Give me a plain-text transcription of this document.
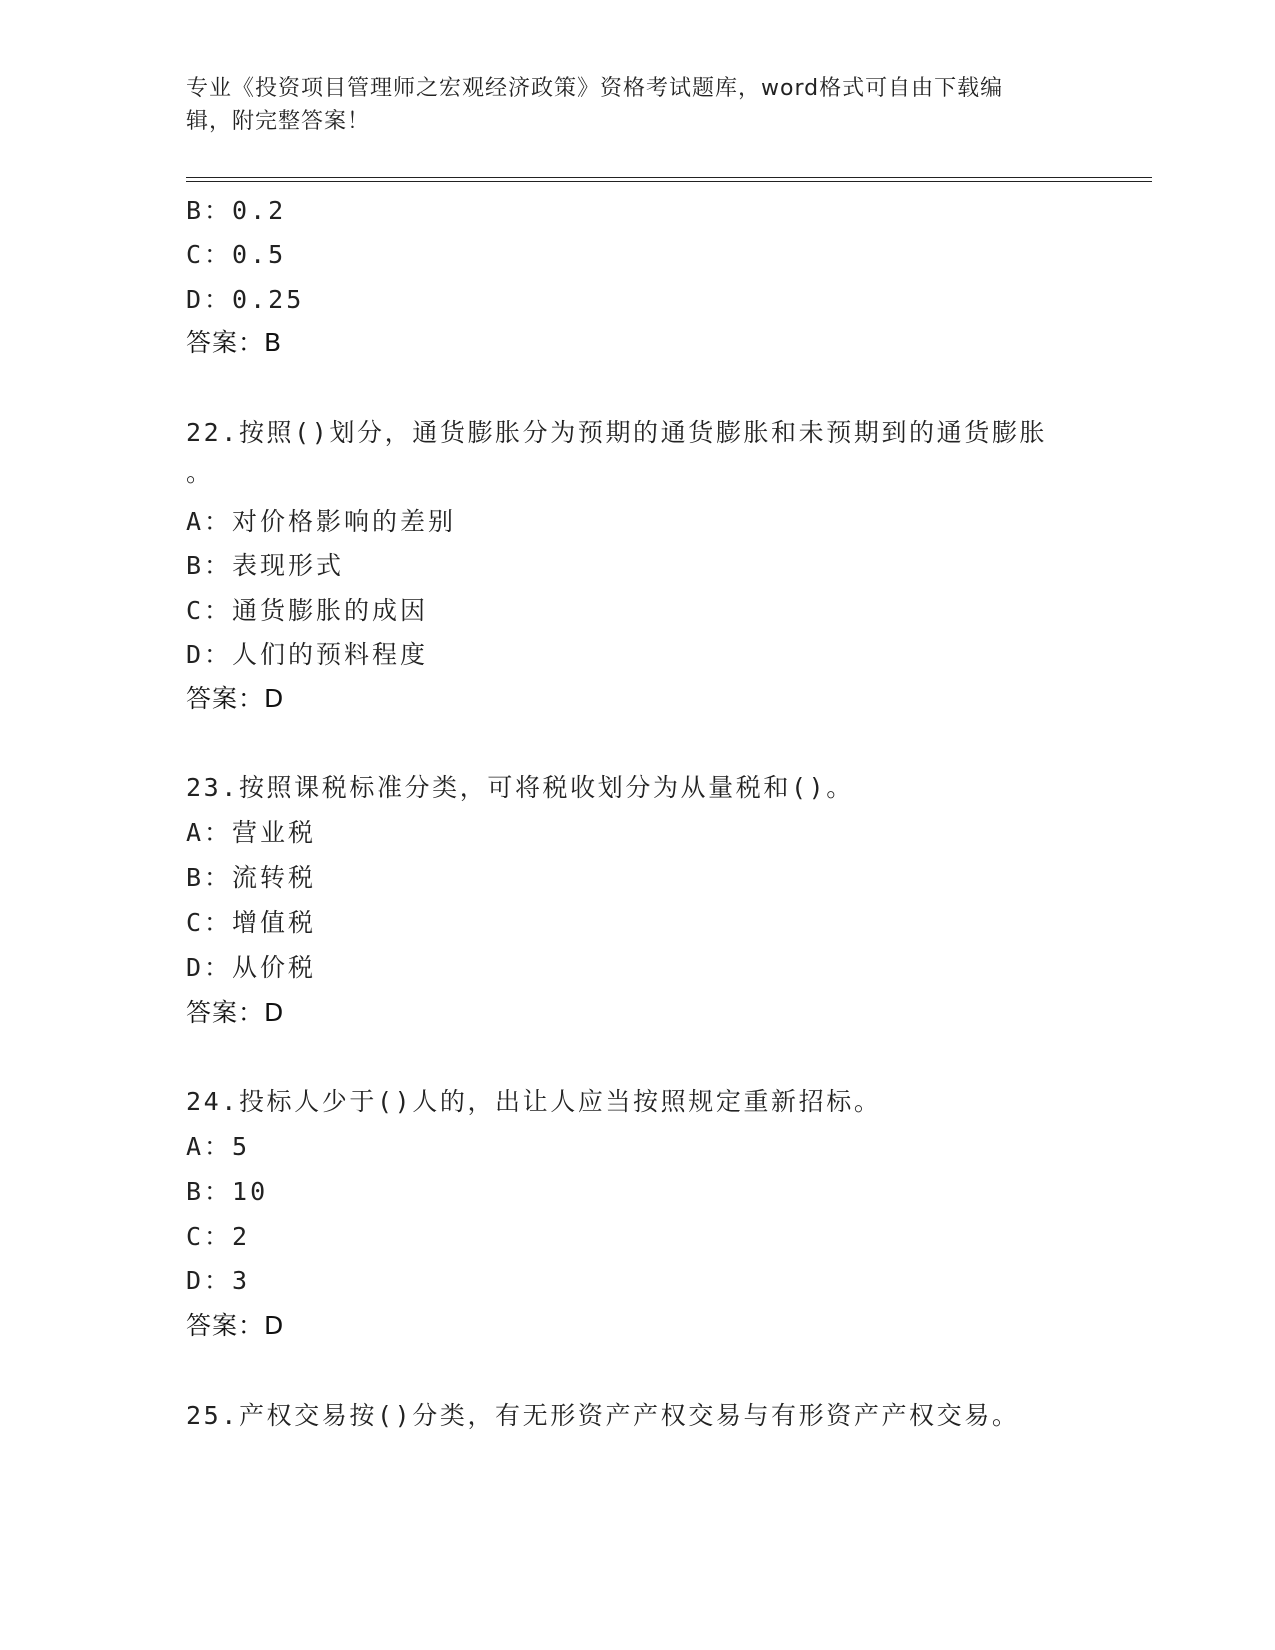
专业《投资项目管理师之宏观经济政策》资格考试题库，word格式可自由下载编
辑，附完整答案！
B：0.2
C：0.5
D：0.25
答案：B
22.按照()划分，通货膨胀分为预期的通货膨胀和未预期到的通货膨胀
。
A：对价格影响的差别
B：表现形式
C：通货膨胀的成因
D：人们的预料程度
答案：D
23.按照课税标准分类，可将税收划分为从量税和()。
A：营业税
B：流转税
C：增值税
D：从价税
答案：D
24.投标人少于()人的，出让人应当按照规定重新招标。
A：5
B：10
C：2
D：3
答案：D
25.产权交易按()分类，有无形资产产权交易与有形资产产权交易。
